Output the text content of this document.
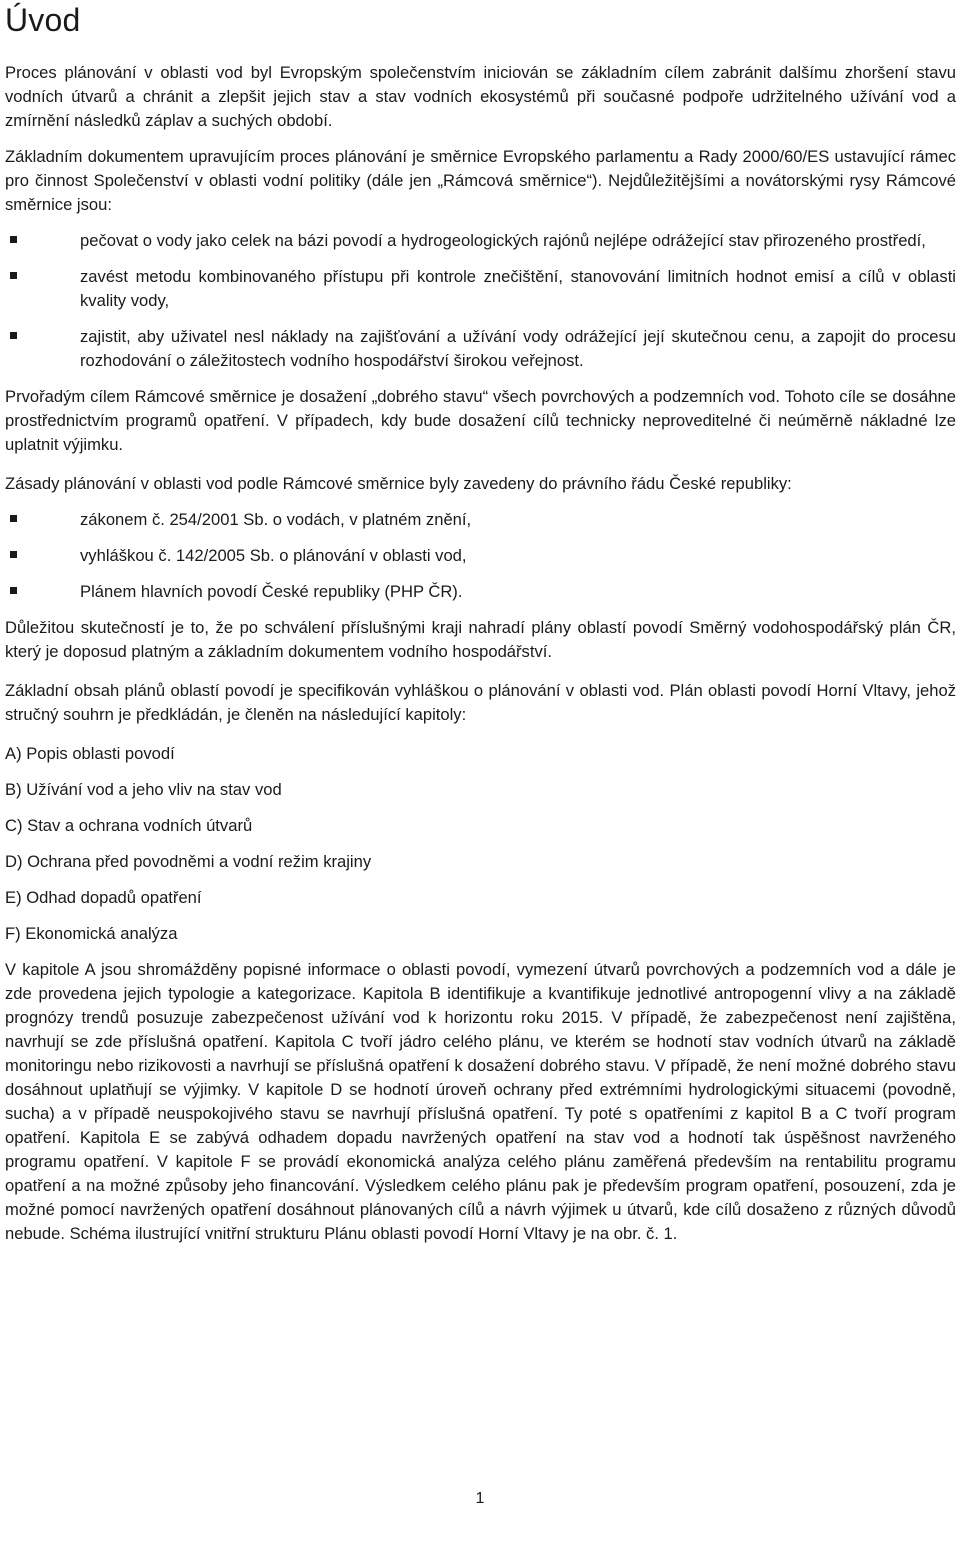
Úvod

Proces plánování v oblasti vod byl Evropským společenstvím iniciován se základním cílem zabránit dalšímu zhoršení stavu vodních útvarů a chránit a zlepšit jejich stav a stav vodních ekosystémů při současné podpoře udržitelného užívání vod a zmírnění následků záplav a suchých období.

Základním dokumentem upravujícím proces plánování je směrnice Evropského parlamentu a Rady 2000/60/ES ustavující rámec pro činnost Společenství v oblasti vodní politiky (dále jen „Rámcová směrnice“). Nejdůležitějšími a novátorskými rysy Rámcové směrnice jsou:

pečovat o vody jako celek na bázi povodí a hydrogeologických rajónů nejlépe odrážející stav přirozeného prostředí,
zavést metodu kombinovaného přístupu při kontrole znečištění, stanovování limitních hodnot emisí a cílů v oblasti kvality vody,
zajistit, aby uživatel nesl náklady na zajišťování a užívání vody odrážející její skutečnou cenu, a zapojit do procesu rozhodování o záležitostech vodního hospodářství širokou veřejnost.

Prvořadým cílem Rámcové směrnice je dosažení „dobrého stavu“ všech povrchových a podzemních vod. Tohoto cíle se dosáhne prostřednictvím programů opatření. V případech, kdy bude dosažení cílů technicky neproveditelné či neúměrně nákladné lze uplatnit výjimku.

Zásady plánování v oblasti vod podle Rámcové směrnice byly zavedeny do právního řádu České republiky:

zákonem č. 254/2001 Sb. o vodách, v platném znění,
vyhláškou č. 142/2005 Sb. o plánování v oblasti vod,
Plánem hlavních povodí České republiky (PHP ČR).

Důležitou skutečností je to, že po schválení příslušnými kraji nahradí plány oblastí povodí Směrný vodohospodářský plán ČR, který je doposud platným a základním dokumentem vodního hospodářství.

Základní obsah plánů oblastí povodí je specifikován vyhláškou o plánování v oblasti vod. Plán oblasti povodí Horní Vltavy, jehož stručný souhrn je předkládán, je členěn na následující kapitoly:

A) Popis oblasti povodí

B) Užívání vod a jeho vliv na stav vod

C) Stav a ochrana vodních útvarů

D) Ochrana před povodněmi a vodní režim krajiny

E) Odhad dopadů opatření

F) Ekonomická analýza

V kapitole A jsou shromážděny popisné informace o oblasti povodí, vymezení útvarů povrchových a podzemních vod a dále je zde provedena jejich typologie a kategorizace. Kapitola B identifikuje a kvantifikuje jednotlivé antropogenní vlivy a na základě prognózy trendů posuzuje zabezpečenost užívání vod k horizontu roku 2015. V případě, že zabezpečenost není zajištěna, navrhují se zde příslušná opatření. Kapitola C tvoří jádro celého plánu, ve kterém se hodnotí stav vodních útvarů na základě monitoringu nebo rizikovosti a navrhují se příslušná opatření k dosažení dobrého stavu. V případě, že není možné dobrého stavu dosáhnout uplatňují se výjimky. V kapitole D se hodnotí úroveň ochrany před extrémními hydrologickými situacemi (povodně, sucha) a v případě neuspokojivého stavu se navrhují příslušná opatření. Ty poté s opatřeními z kapitol B a C tvoří program opatření. Kapitola E se zabývá odhadem dopadu navržených opatření na stav vod a hodnotí tak úspěšnost navrženého programu opatření. V kapitole F se provádí ekonomická analýza celého plánu zaměřená především na rentabilitu programu opatření a na možné způsoby jeho financování. Výsledkem celého plánu pak je především program opatření, posouzení, zda je možné pomocí navržených opatření dosáhnout plánovaných cílů a návrh výjimek u útvarů, kde cílů dosaženo z různých důvodů nebude. Schéma ilustrující vnitřní strukturu Plánu oblasti povodí Horní Vltavy je na obr. č. 1.

1
